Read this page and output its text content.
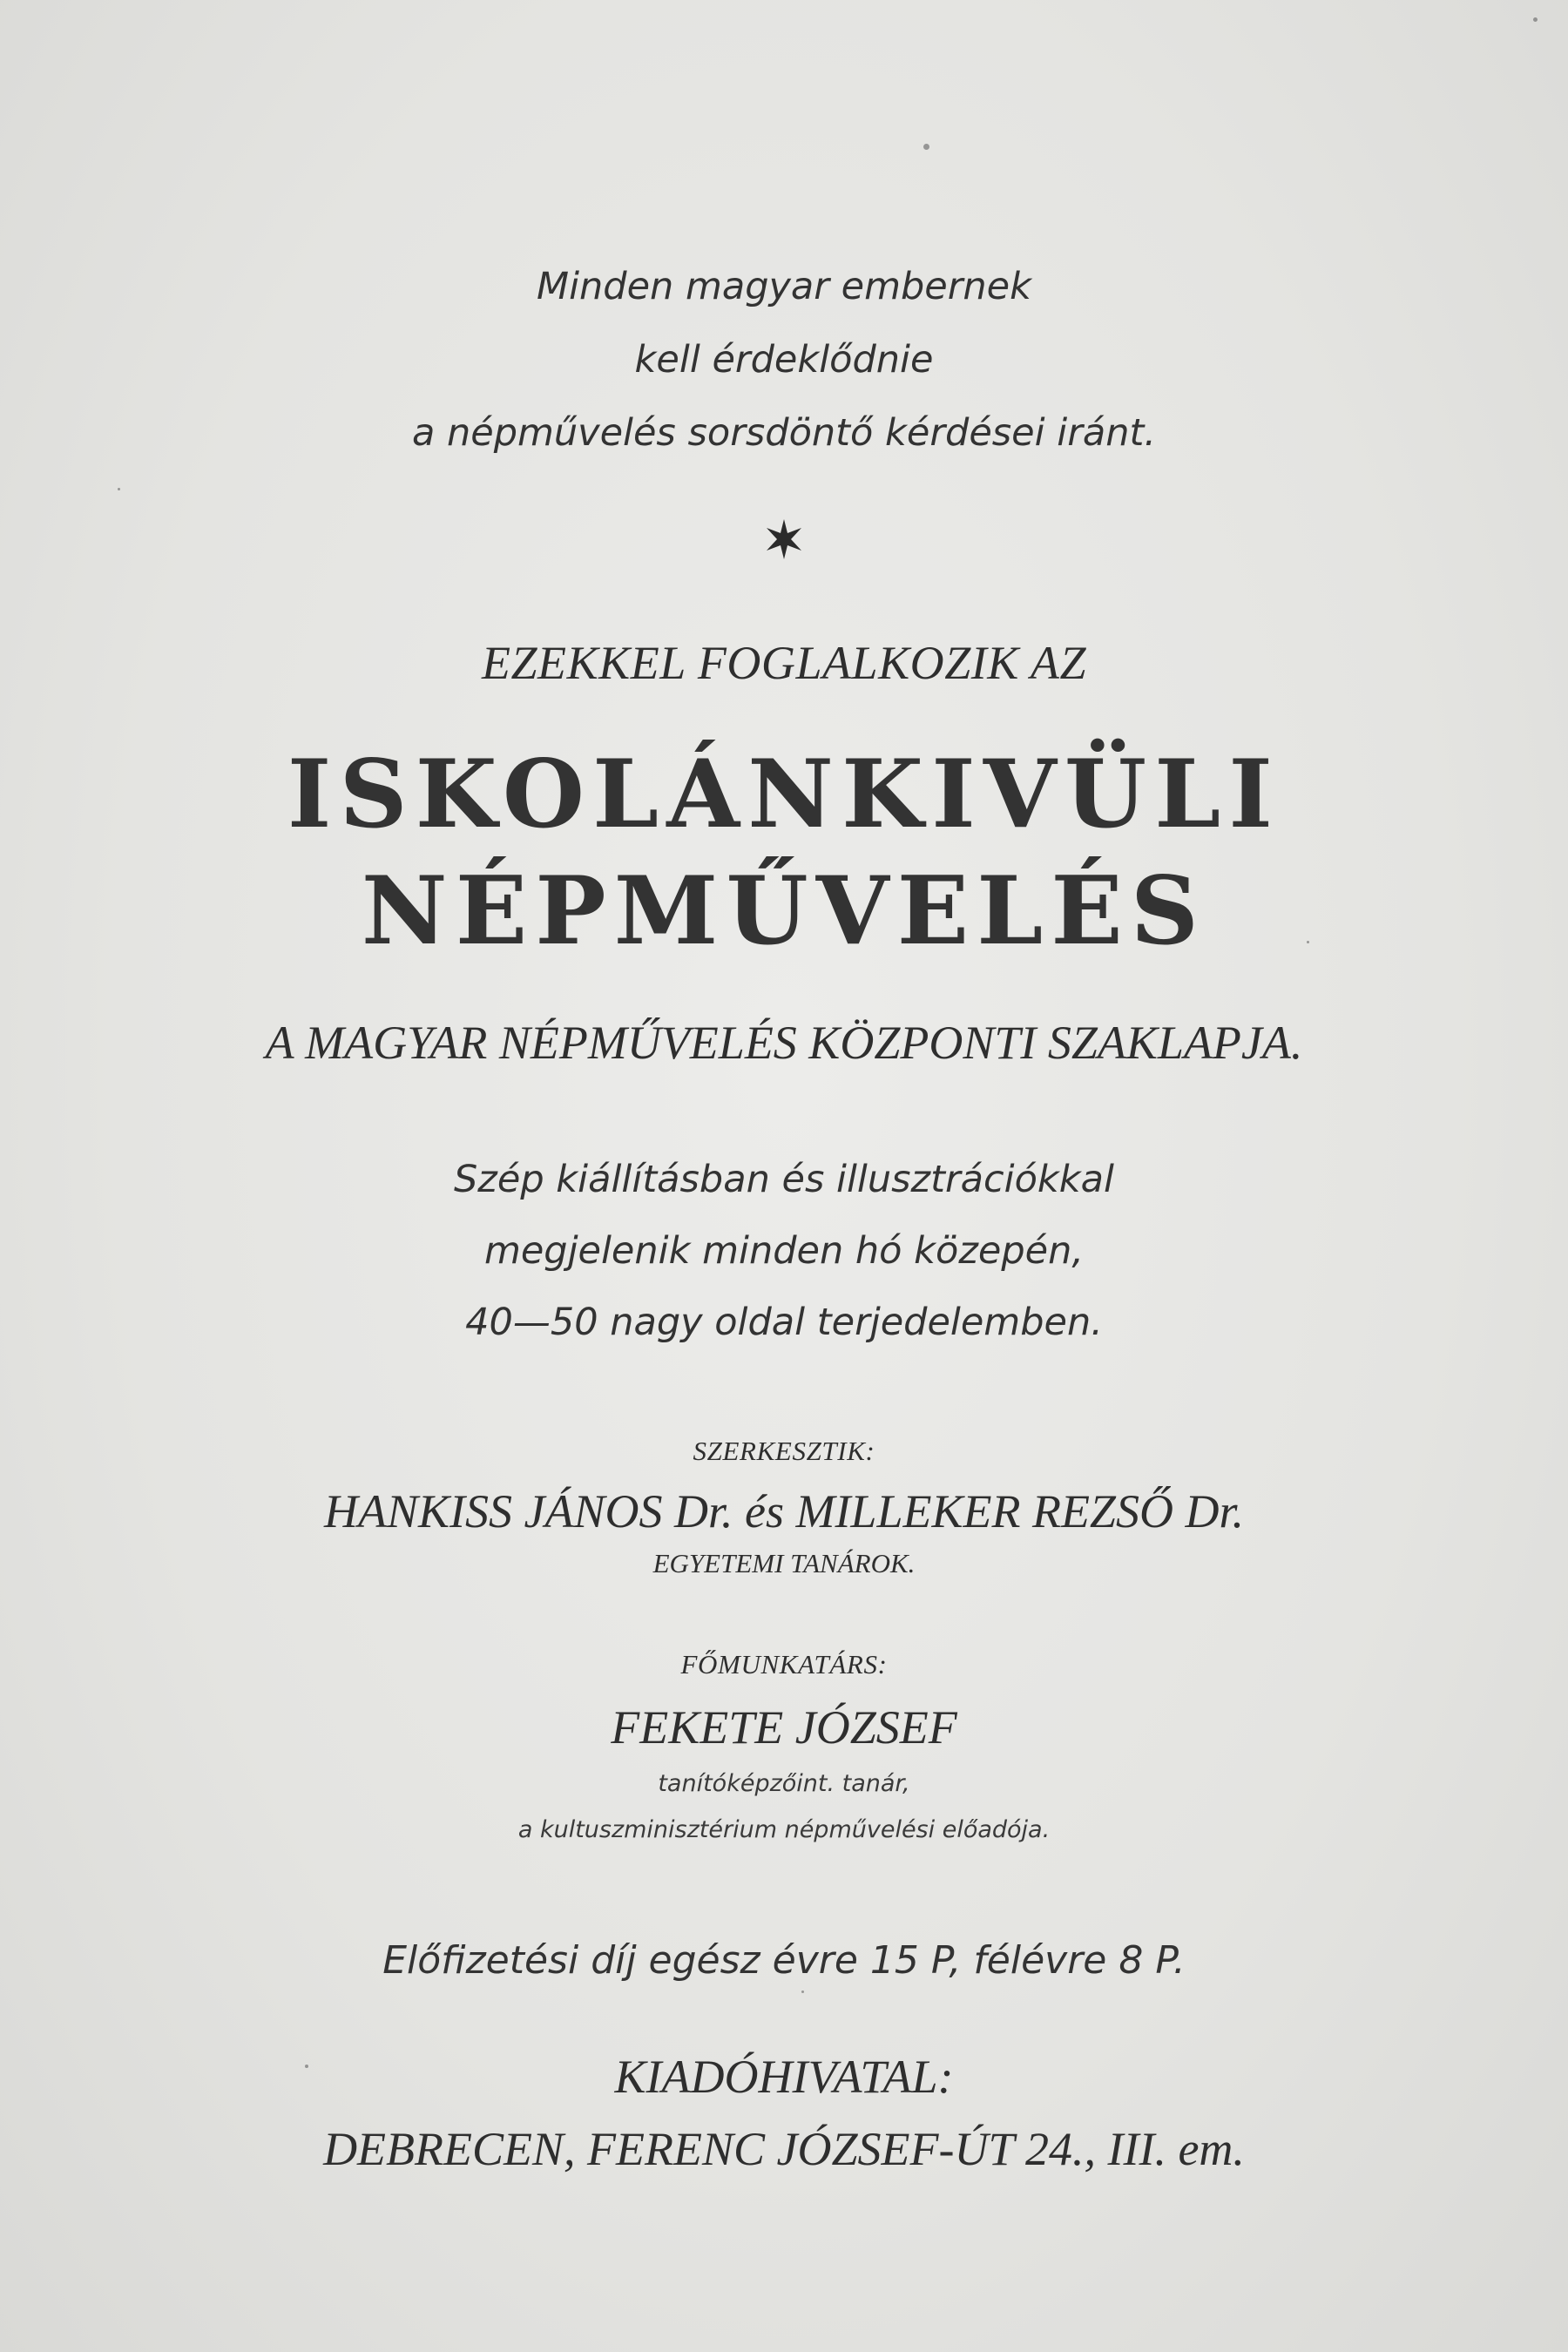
Minden magyar embernek
kell érdeklődnie
a népművelés sorsdöntő kérdései iránt.
EZEKKEL FOGLALKOZIK AZ
ISKOLÁNKIVÜLI
NÉPMŰVELÉS
A MAGYAR NÉPMŰVELÉS KÖZPONTI SZAKLAPJA.
Szép kiállításban és illusztrációkkal
megjelenik minden hó közepén,
40—50 nagy oldal terjedelemben.
SZERKESZTIK:
HANKISS JÁNOS Dr. és MILLEKER REZSŐ Dr.
EGYETEMI TANÁROK.
FŐMUNKATÁRS:
FEKETE JÓZSEF
tanítóképzőint. tanár,
a kultuszminisztérium népművelési előadója.
Előfizetési díj egész évre 15 P, félévre 8 P.
KIADÓHIVATAL:
DEBRECEN, FERENC JÓZSEF-ÚT 24., III. em.
